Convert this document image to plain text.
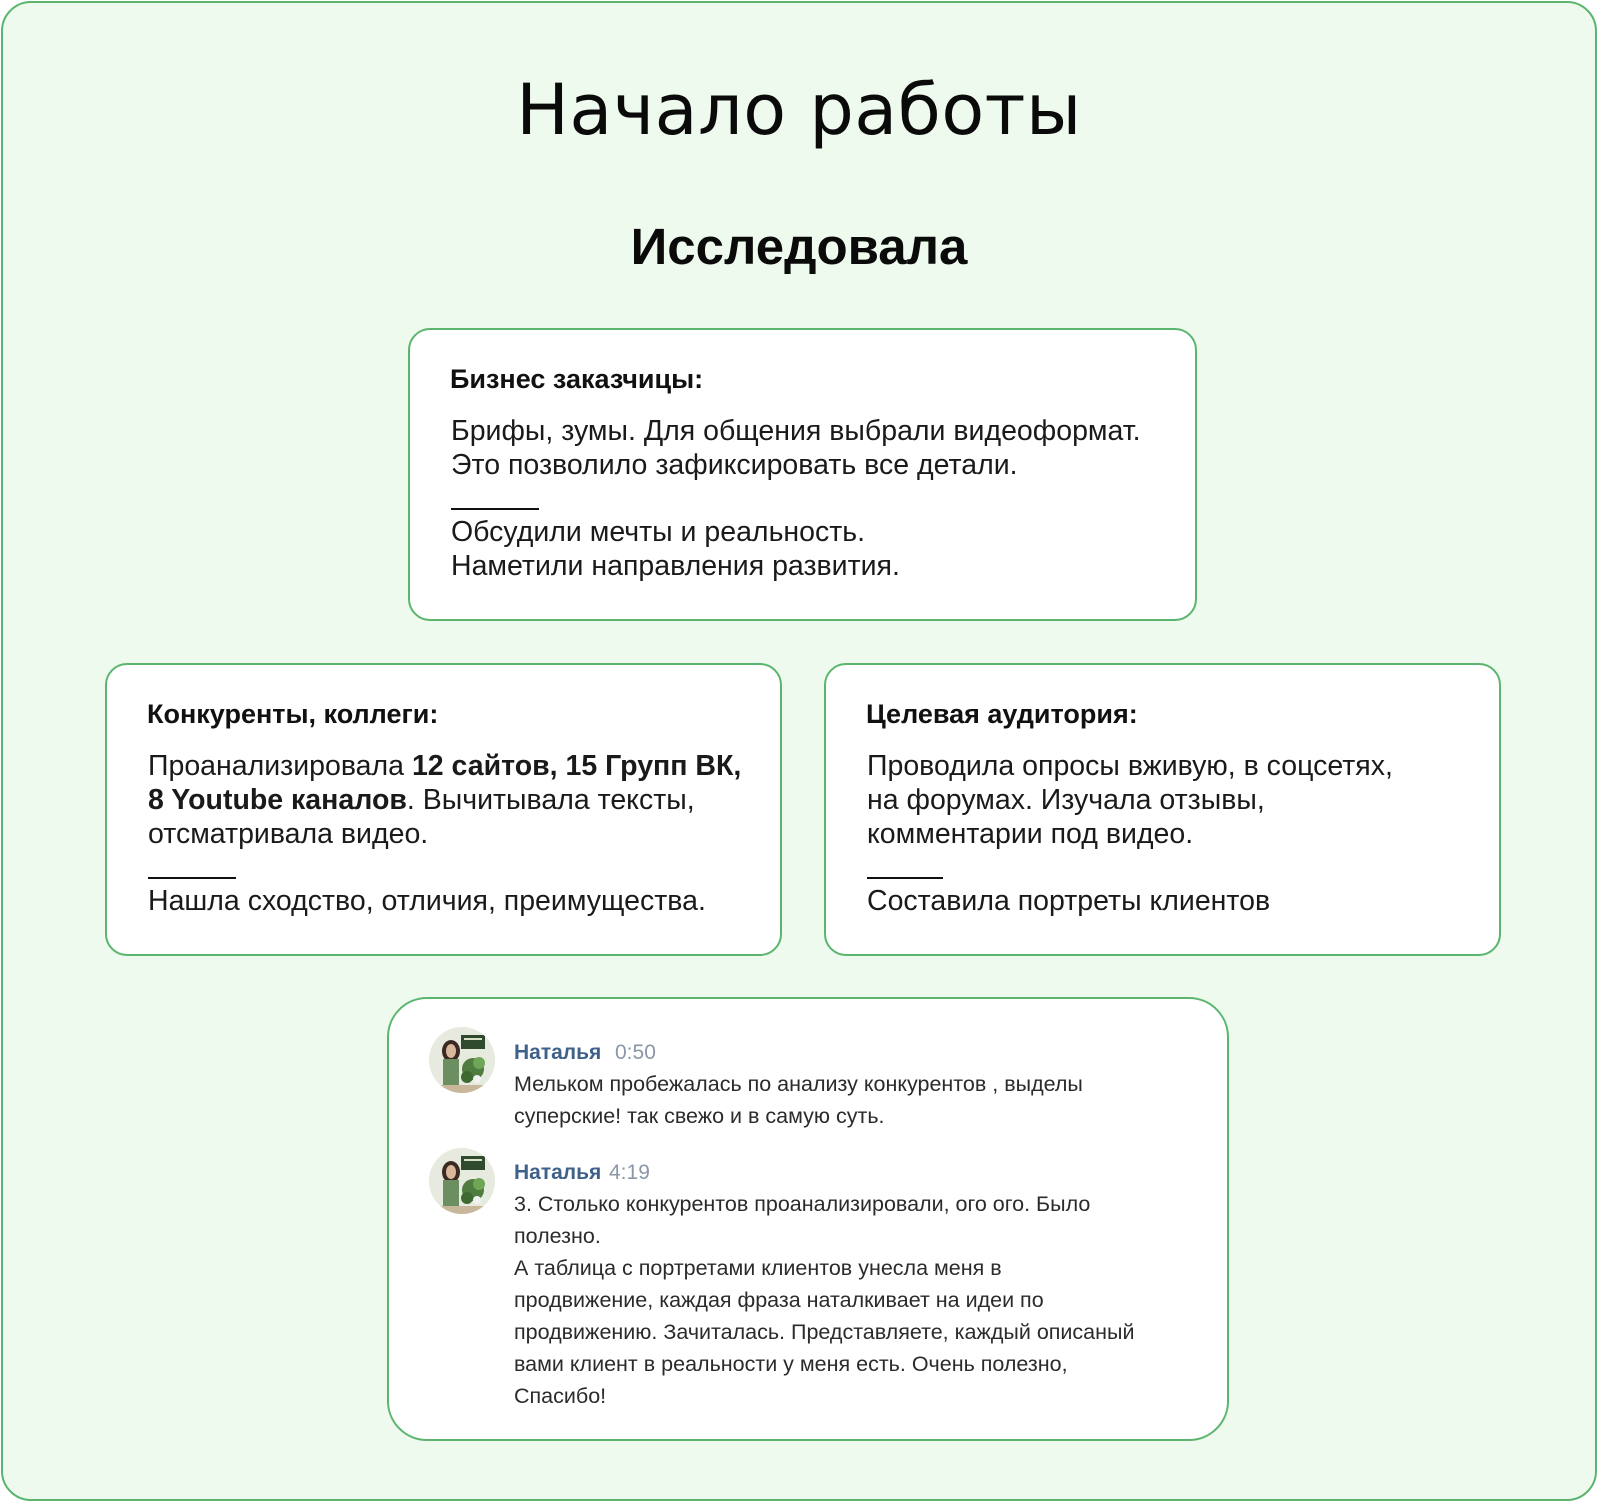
Начало работы
Исследовала
Бизнес заказчицы:
Брифы, зумы. Для общения выбрали видеоформат.
Это позволило зафиксировать все детали.
Обсудили мечты и реальность.
Наметили направления развития.
Конкуренты, коллеги:
Проанализировала 12 сайтов, 15 Групп ВК,
8 Youtube каналов. Вычитывала тексты,
отсматривала видео.
Нашла сходство, отличия, преимущества.
Целевая аудитория:
Проводила опросы вживую, в соцсетях,
на форумах. Изучала отзывы,
комментарии под видео.
Составила портреты клиентов
Наталья 0:50
Мельком пробежалась по анализу конкурентов , выделы
суперские! так свежо и в самую суть.
Наталья 4:19
3. Столько конкурентов проанализировали, ого ого. Было
полезно.
А таблица с портретами клиентов унесла меня в
продвижение, каждая фраза наталкивает на идеи по
продвижению. Зачиталась. Представляете, каждый описаный
вами клиент в реальности у меня есть. Очень полезно,
Спасибо!
